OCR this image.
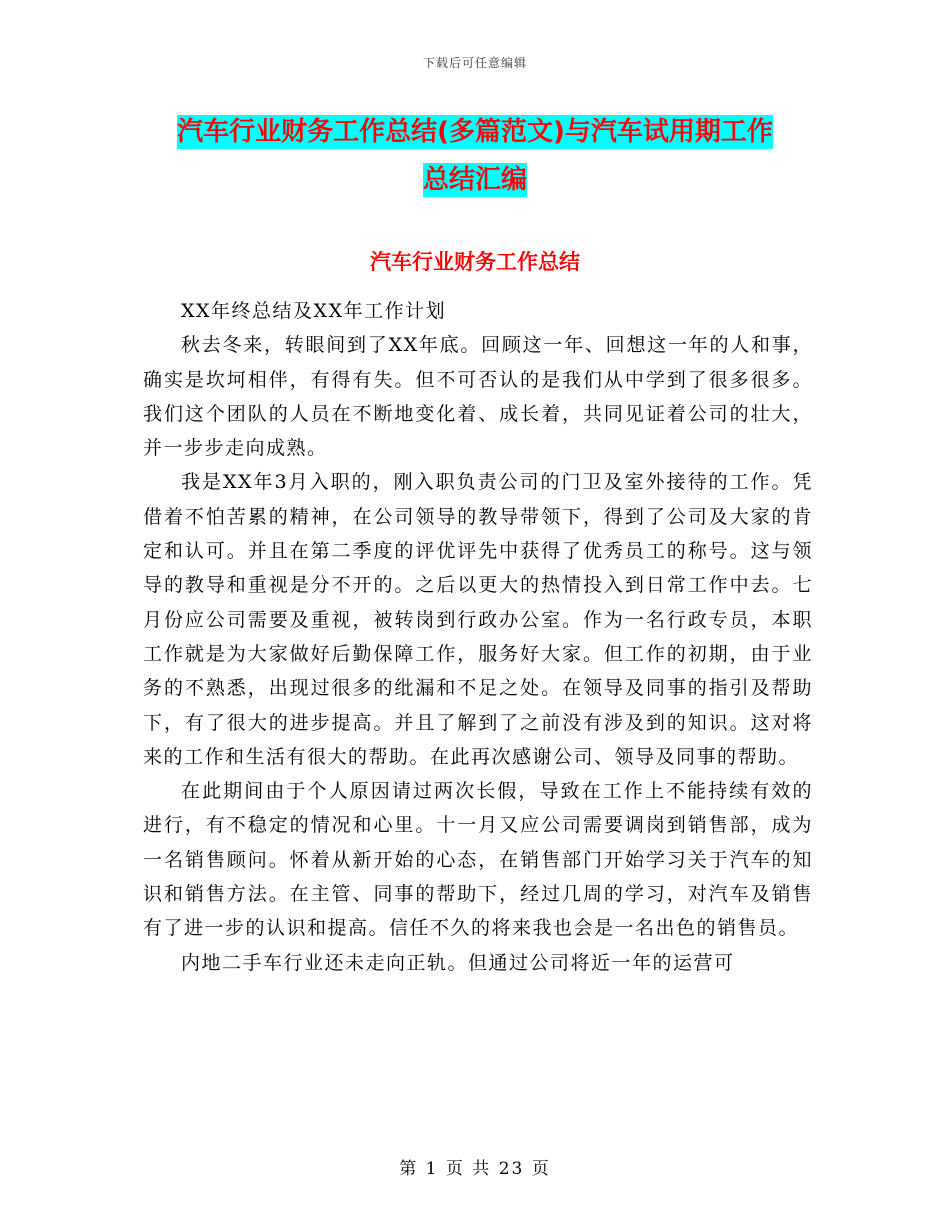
下载后可任意编辑
汽车行业财务工作总结(多篇范文)与汽车试用期工作
总结汇编
汽车行业财务工作总结

XX年终总结及XX年工作计划

秋去冬来，转眼间到了XX年底。回顾这一年、回想这一年的人和事，确实是坎坷相伴，有得有失。但不可否认的是我们从中学到了很多很多。我们这个团队的人员在不断地变化着、成长着，共同见证着公司的壮大，并一步步走向成熟。

我是XX年3月入职的，刚入职负责公司的门卫及室外接待的工作。凭借着不怕苦累的精神，在公司领导的教导带领下，得到了公司及大家的肯定和认可。并且在第二季度的评优评先中获得了优秀员工的称号。这与领导的教导和重视是分不开的。之后以更大的热情投入到日常工作中去。七月份应公司需要及重视，被转岗到行政办公室。作为一名行政专员，本职工作就是为大家做好后勤保障工作，服务好大家。但工作的初期，由于业务的不熟悉，出现过很多的纰漏和不足之处。在领导及同事的指引及帮助下，有了很大的进步提高。并且了解到了之前没有涉及到的知识。这对将来的工作和生活有很大的帮助。在此再次感谢公司、领导及同事的帮助。

在此期间由于个人原因请过两次长假，导致在工作上不能持续有效的进行，有不稳定的情况和心里。十一月又应公司需要调岗到销售部，成为一名销售顾问。怀着从新开始的心态，在销售部门开始学习关于汽车的知识和销售方法。在主管、同事的帮助下，经过几周的学习，对汽车及销售有了进一步的认识和提高。信任不久的将来我也会是一名出色的销售员。

内地二手车行业还未走向正轨。但通过公司将近一年的运营可

第 1 页 共 23 页
